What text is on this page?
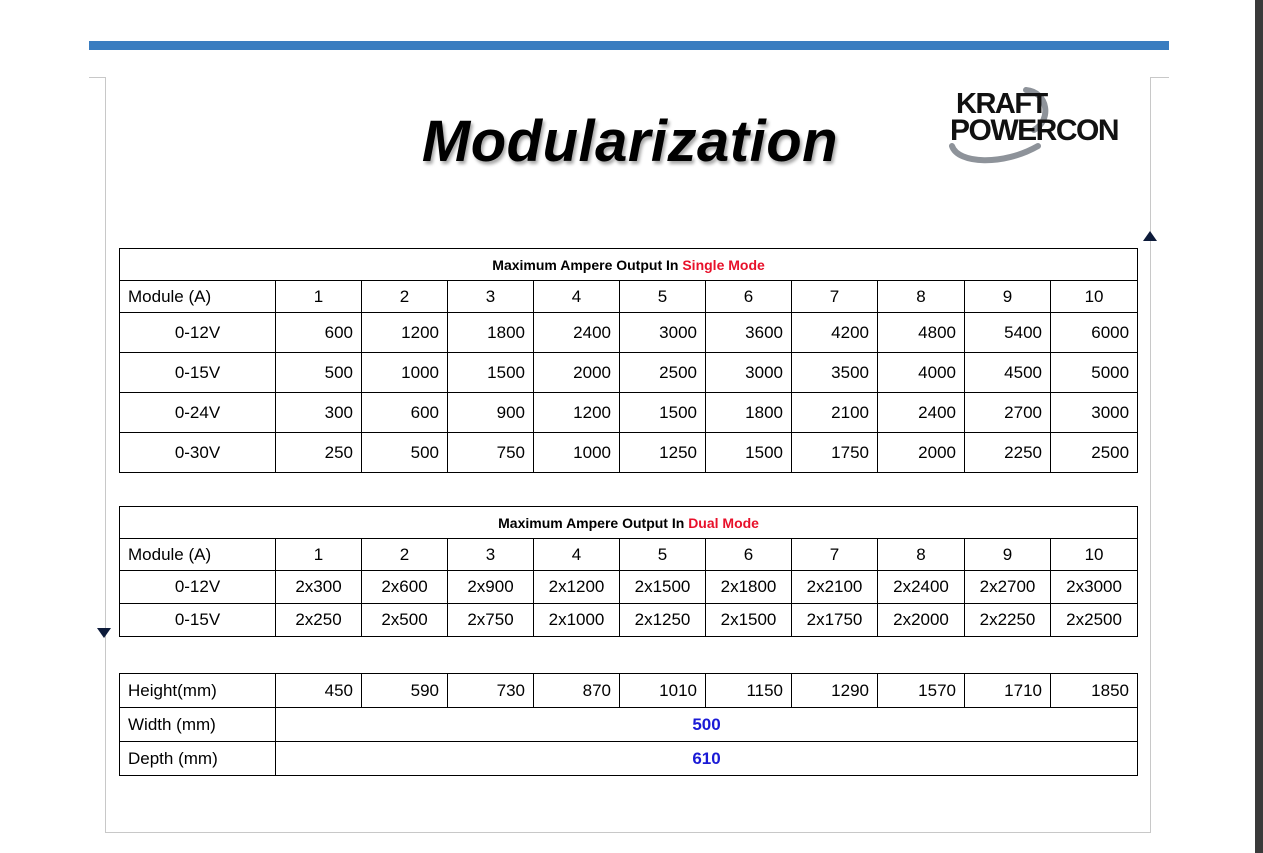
Modularization
KRAFT
POWERCON
Maximum Ampere Output In Single Mode										
Module (A)	1	2	3	4	5	6	7	8	9	10
0-12V	600	1200	1800	2400	3000	3600	4200	4800	5400	6000
0-15V	500	1000	1500	2000	2500	3000	3500	4000	4500	5000
0-24V	300	600	900	1200	1500	1800	2100	2400	2700	3000
0-30V	250	500	750	1000	1250	1500	1750	2000	2250	2500
Maximum Ampere Output In Dual Mode										
Module (A)	1	2	3	4	5	6	7	8	9	10
0-12V	2x300	2x600	2x900	2x1200	2x1500	2x1800	2x2100	2x2400	2x2700	2x3000
0-15V	2x250	2x500	2x750	2x1000	2x1250	2x1500	2x1750	2x2000	2x2250	2x2500
Height(mm)	450	590	730	870	1010	1150	1290	1570	1710	1850
Width (mm)	500									
Depth (mm)	610									
